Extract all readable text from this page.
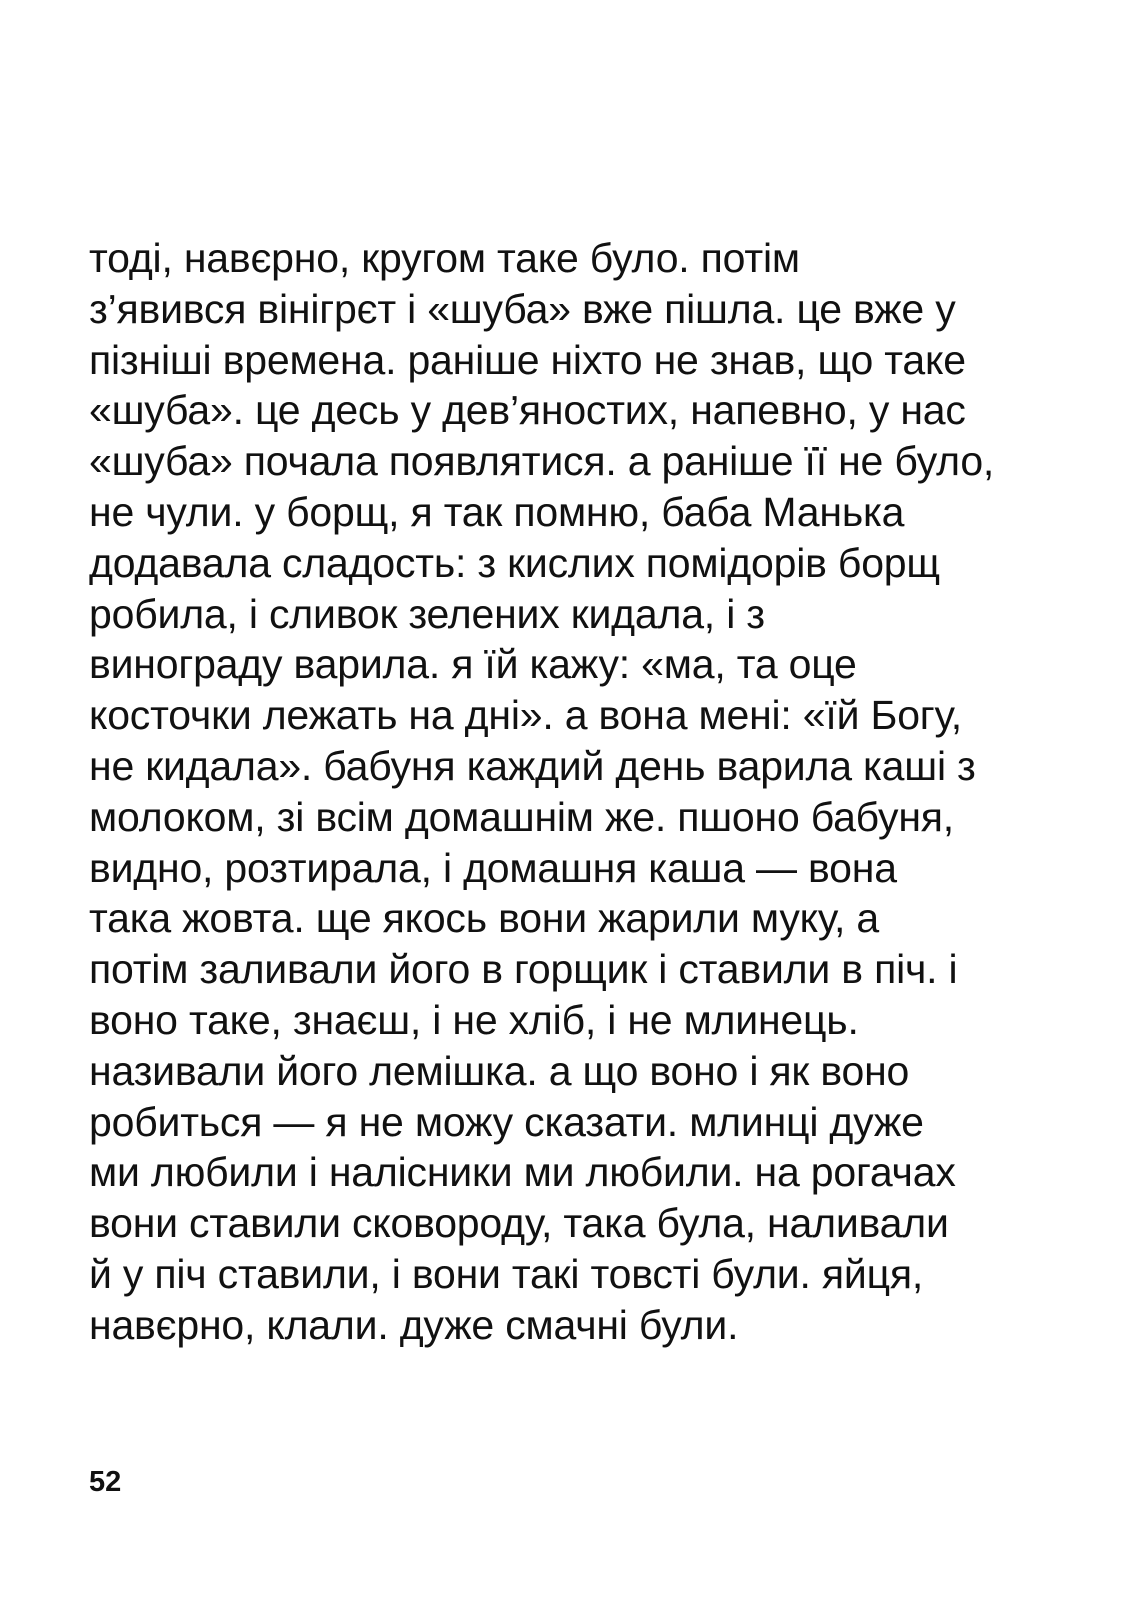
тоді, навєрно, кругом таке було. потім
з’явився вінігрєт і «шуба» вже пішла. це вже у
пізніші времена. раніше ніхто не знав, що таке
«шуба». це десь у дев’яностих, напевно, у нас
«шуба» почала появлятися. а раніше її не було,
не чули. у борщ, я так помню, баба Манька
додавала сладость: з кислих помідорів борщ
робила, і сливок зелених кидала, і з
винограду варила. я їй кажу: «ма, та оце
косточки лежать на дні». а вона мені: «їй Богу,
не кидала». бабуня каждий день варила каші з
молоком, зі всім домашнім же. пшоно бабуня,
видно, розтирала, і домашня каша — вона
така жовта. ще якось вони жарили муку, а
потім заливали його в горщик і ставили в піч. і
воно таке, знаєш, і не хліб, і не млинець.
називали його лемішка. а що воно і як воно
робиться — я не можу сказати. млинці дуже
ми любили і налісники ми любили. на рогачах
вони ставили сковороду, така була, наливали
й у піч ставили, і вони такі товсті були. яйця,
навєрно, клали. дуже смачні були.
52
